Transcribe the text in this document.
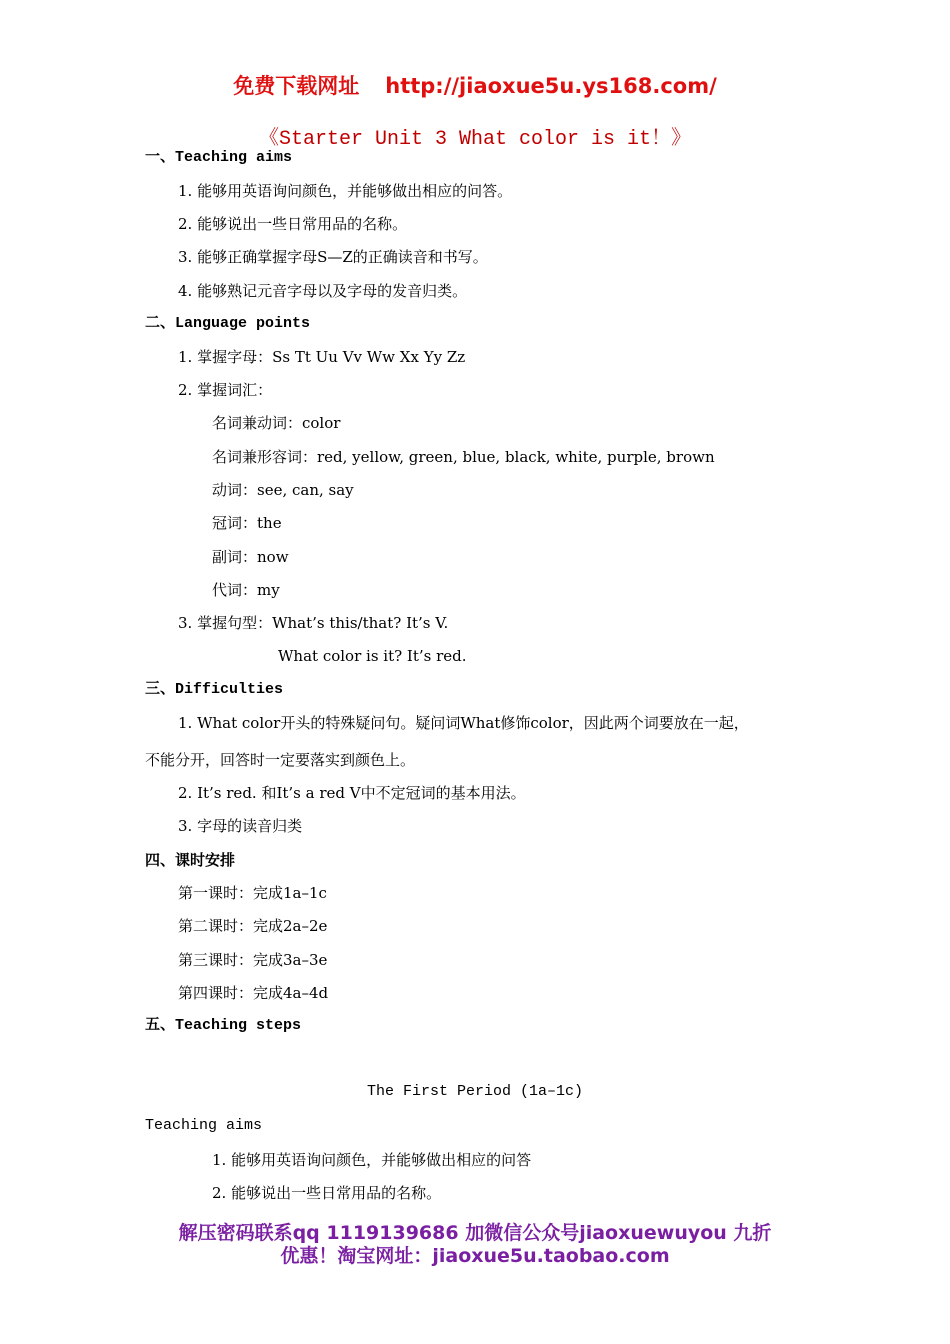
免费下载网址 http://jiaoxue5u.ys168.com/
《Starter Unit 3 What color is it！》
一、Teaching aims
1. 能够用英语询问颜色，并能够做出相应的问答。
2. 能够说出一些日常用品的名称。
3. 能够正确掌握字母S—Z的正确读音和书写。
4. 能够熟记元音字母以及字母的发音归类。
二、Language points
1. 掌握字母：Ss Tt Uu Vv Ww Xx Yy Zz
2. 掌握词汇：
名词兼动词：color
名词兼形容词：red, yellow, green, blue, black, white, purple, brown
动词：see, can, say
冠词：the
副词：now
代词：my
3. 掌握句型：What’s this/that? It’s V.
What color is it? It’s red.
三、Difficulties
1. What color开头的特殊疑问句。疑问词What修饰color，因此两个词要放在一起，
不能分开，回答时一定要落实到颜色上。
2. It’s red. 和It’s a red V中不定冠词的基本用法。
3. 字母的读音归类
四、课时安排
第一课时：完成1a–1c
第二课时：完成2a–2e
第三课时：完成3a–3e
第四课时：完成4a–4d
五、Teaching steps
The First Period (1a–1c)
Teaching aims
1. 能够用英语询问颜色，并能够做出相应的问答
2. 能够说出一些日常用品的名称。
解压密码联系qq 1119139686 加微信公众号jiaoxuewuyou 九折
优惠！淘宝网址：jiaoxue5u.taobao.com
